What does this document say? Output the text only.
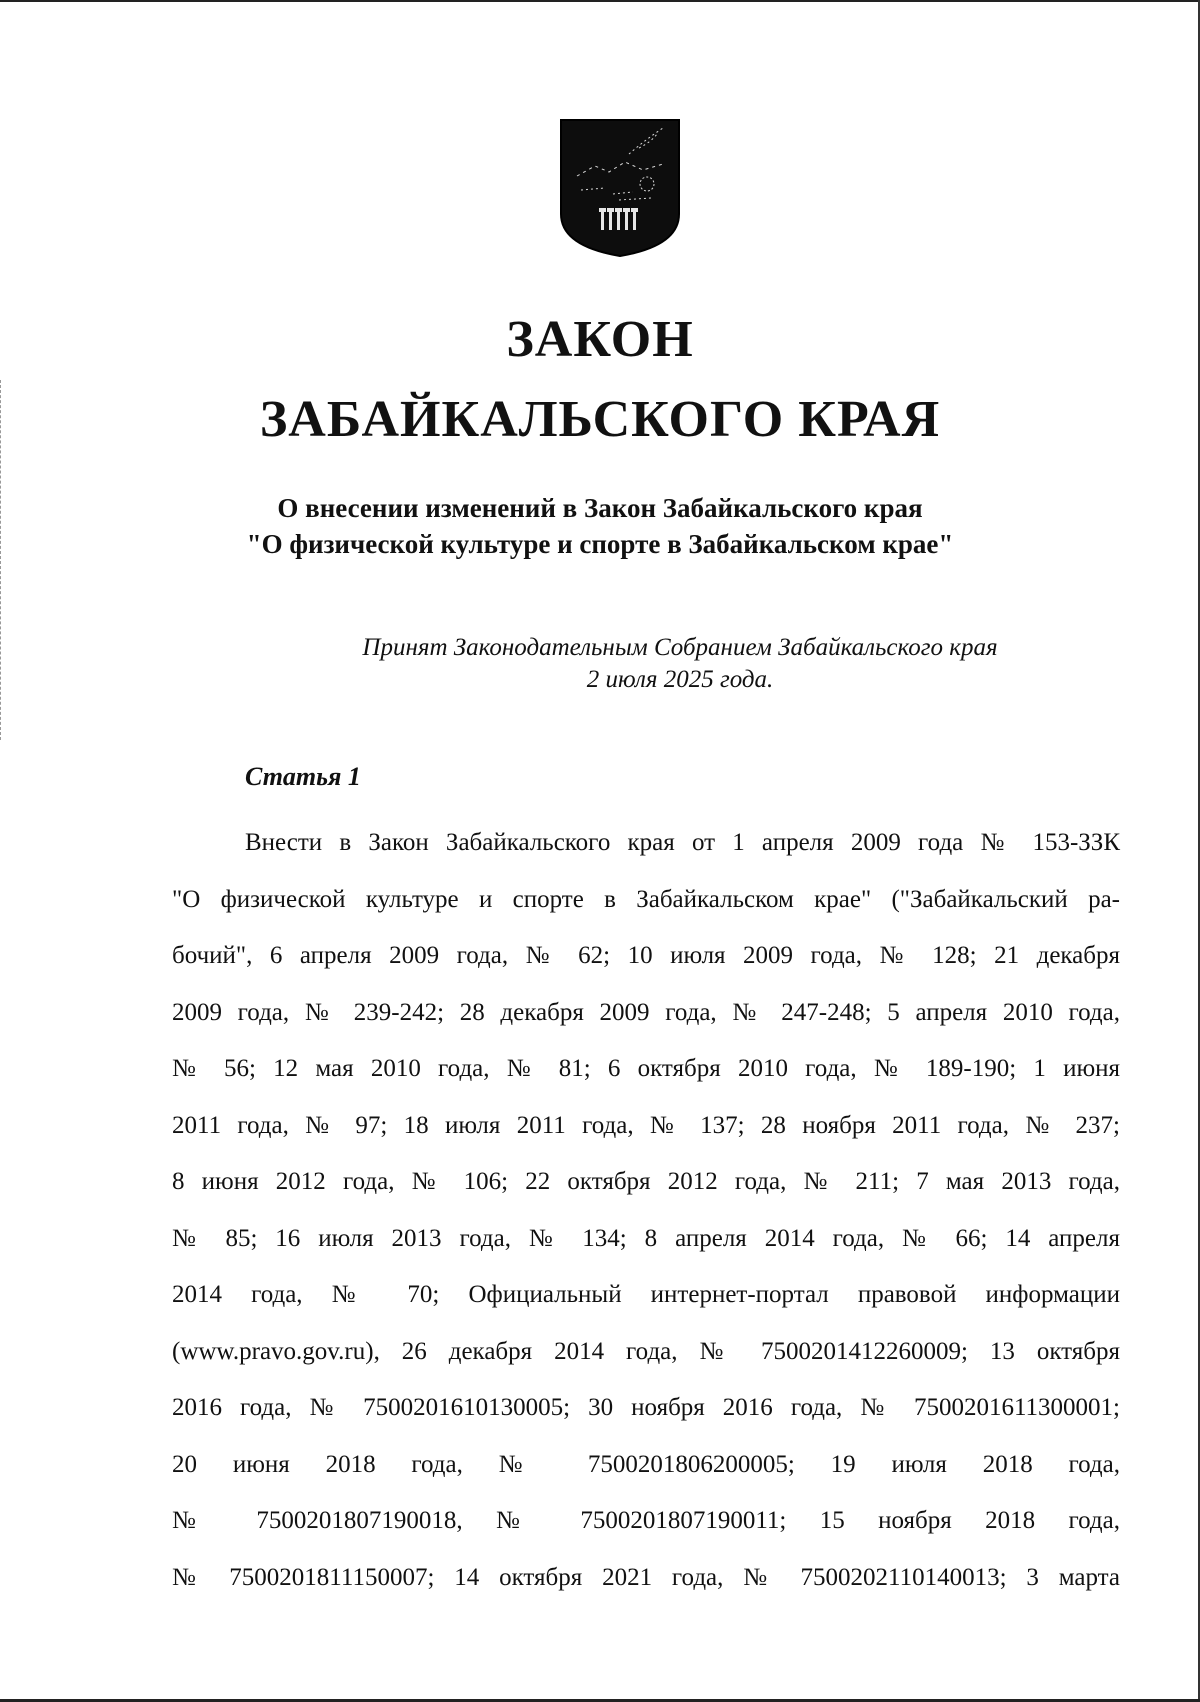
ЗАКОН
ЗАБАЙКАЛЬСКОГО КРАЯ
О внесении изменений в Закон Забайкальского края
"О физической культуре и спорте в Забайкальском крае"
Принят Законодательным Собранием Забайкальского края
2 июля 2025 года.
Статья 1
Внести в Закон Забайкальского края от 1 апреля 2009 года № 153-ЗЗК
"О физической культуре и спорте в Забайкальском крае" ("Забайкальский ра-
бочий", 6 апреля 2009 года, № 62; 10 июля 2009 года, № 128; 21 декабря
2009 года, № 239-242; 28 декабря 2009 года, № 247-248; 5 апреля 2010 года,
№ 56; 12 мая 2010 года, № 81; 6 октября 2010 года, № 189-190; 1 июня
2011 года, № 97; 18 июля 2011 года, № 137; 28 ноября 2011 года, № 237;
8 июня 2012 года, № 106; 22 октября 2012 года, № 211; 7 мая 2013 года,
№ 85; 16 июля 2013 года, № 134; 8 апреля 2014 года, № 66; 14 апреля
2014 года, № 70; Официальный интернет-портал правовой информации
(www.pravo.gov.ru), 26 декабря 2014 года, № 7500201412260009; 13 октября
2016 года, № 7500201610130005; 30 ноября 2016 года, № 7500201611300001;
20 июня 2018 года, № 7500201806200005; 19 июля 2018 года,
№ 7500201807190018, № 7500201807190011; 15 ноября 2018 года,
№ 7500201811150007; 14 октября 2021 года, № 7500202110140013; 3 марта
